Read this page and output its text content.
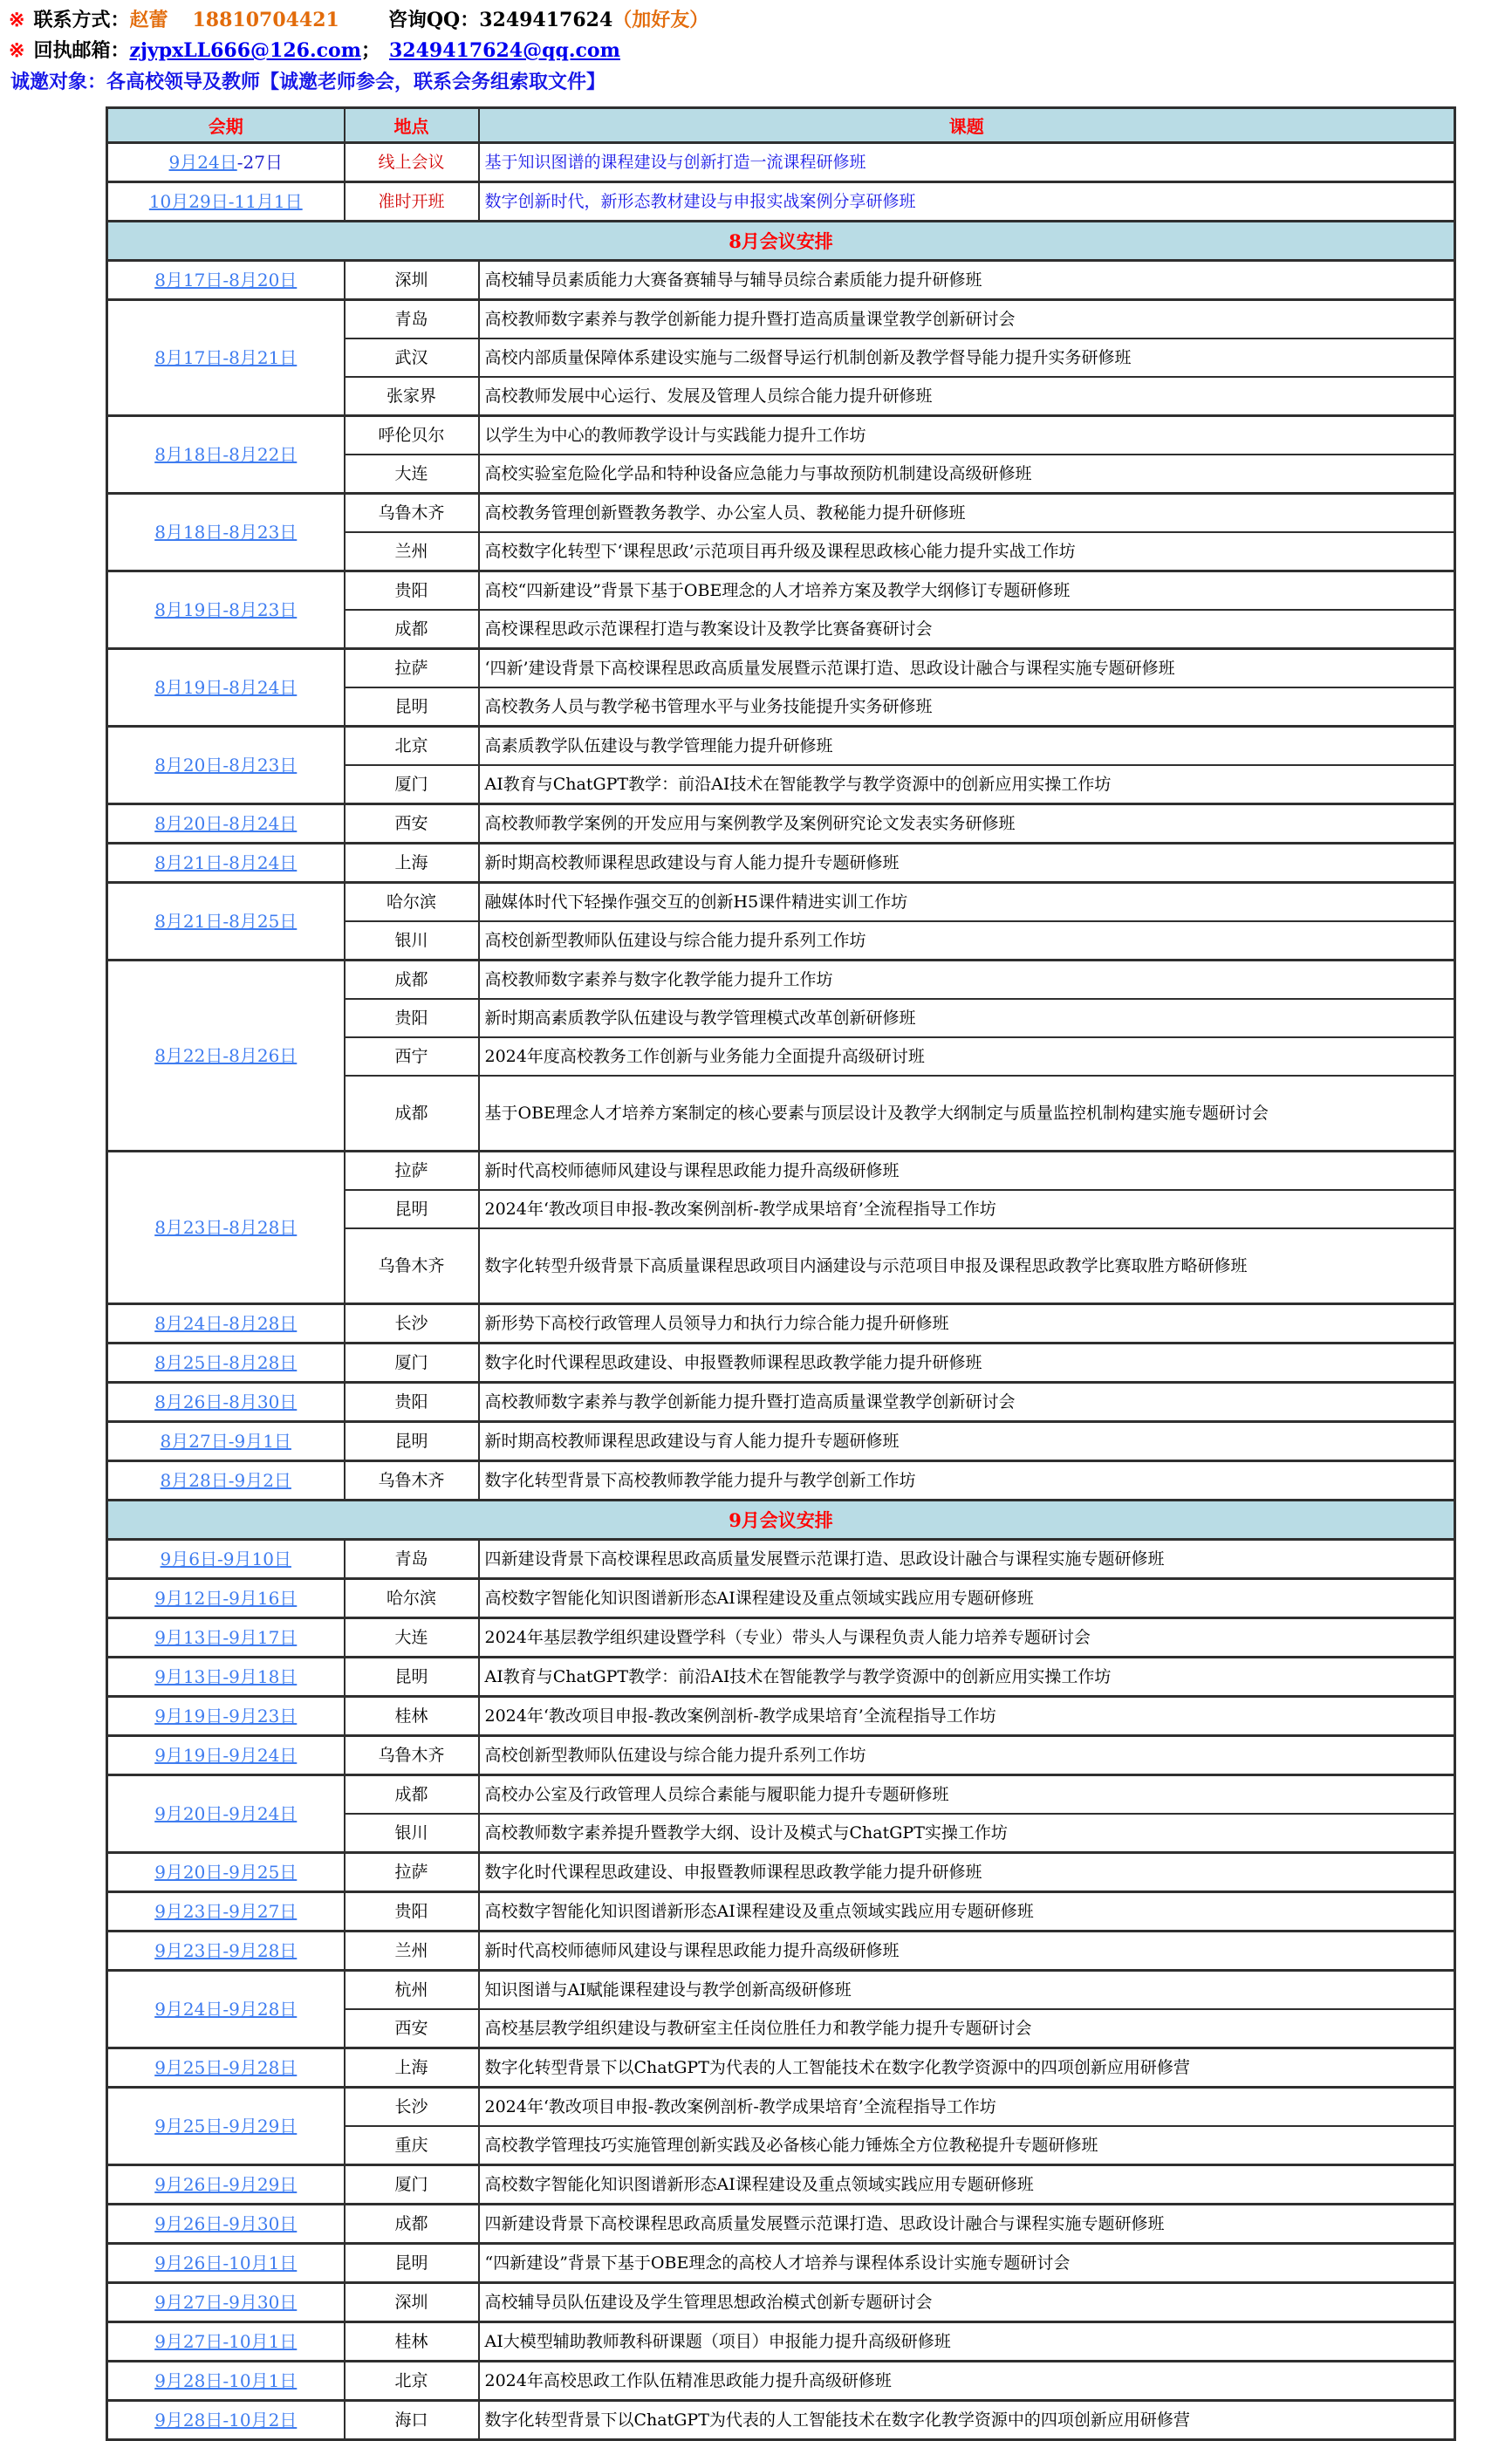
※ 联系方式：赵蕾 18810704421	咨询QQ：3249417624（加好友）
※ 回执邮箱：zjypxLL666@126.com； 3249417624@qq.com
诚邀对象：各高校领导及教师【诚邀老师参会，联系会务组索取文件】
会期	地点	课题
9月24日-27日	线上会议	基于知识图谱的课程建设与创新打造一流课程研修班
10月29日-11月1日	准时开班	数字创新时代，新形态教材建设与申报实战案例分享研修班
8月会议安排		
8月17日-8月20日	深圳	高校辅导员素质能力大赛备赛辅导与辅导员综合素质能力提升研修班
8月17日-8月21日	青岛	高校教师数字素养与教学创新能力提升暨打造高质量课堂教学创新研讨会
	武汉	高校内部质量保障体系建设实施与二级督导运行机制创新及教学督导能力提升实务研修班
	张家界	高校教师发展中心运行、发展及管理人员综合能力提升研修班
8月18日-8月22日	呼伦贝尔	以学生为中心的教师教学设计与实践能力提升工作坊
	大连	高校实验室危险化学品和特种设备应急能力与事故预防机制建设高级研修班
8月18日-8月23日	乌鲁木齐	高校教务管理创新暨教务教学、办公室人员、教秘能力提升研修班
	兰州	高校数字化转型下‘课程思政’示范项目再升级及课程思政核心能力提升实战工作坊
8月19日-8月23日	贵阳	高校“四新建设”背景下基于OBE理念的人才培养方案及教学大纲修订专题研修班
	成都	高校课程思政示范课程打造与教案设计及教学比赛备赛研讨会
8月19日-8月24日	拉萨	‘四新’建设背景下高校课程思政高质量发展暨示范课打造、思政设计融合与课程实施专题研修班
	昆明	高校教务人员与教学秘书管理水平与业务技能提升实务研修班
8月20日-8月23日	北京	高素质教学队伍建设与教学管理能力提升研修班
	厦门	AI教育与ChatGPT教学：前沿AI技术在智能教学与教学资源中的创新应用实操工作坊
8月20日-8月24日	西安	高校教师教学案例的开发应用与案例教学及案例研究论文发表实务研修班
8月21日-8月24日	上海	新时期高校教师课程思政建设与育人能力提升专题研修班
8月21日-8月25日	哈尔滨	融媒体时代下轻操作强交互的创新H5课件精进实训工作坊
	银川	高校创新型教师队伍建设与综合能力提升系列工作坊
8月22日-8月26日	成都	高校教师数字素养与数字化教学能力提升工作坊
	贵阳	新时期高素质教学队伍建设与教学管理模式改革创新研修班
	西宁	2024年度高校教务工作创新与业务能力全面提升高级研讨班
	成都	基于OBE理念人才培养方案制定的核心要素与顶层设计及教学大纲制定与质量监控机制构建实施专题研讨会
8月23日-8月28日	拉萨	新时代高校师德师风建设与课程思政能力提升高级研修班
	昆明	2024年‘教改项目申报-教改案例剖析-教学成果培育’全流程指导工作坊
	乌鲁木齐	数字化转型升级背景下高质量课程思政项目内涵建设与示范项目申报及课程思政教学比赛取胜方略研修班
8月24日-8月28日	长沙	新形势下高校行政管理人员领导力和执行力综合能力提升研修班
8月25日-8月28日	厦门	数字化时代课程思政建设、申报暨教师课程思政教学能力提升研修班
8月26日-8月30日	贵阳	高校教师数字素养与教学创新能力提升暨打造高质量课堂教学创新研讨会
8月27日-9月1日	昆明	新时期高校教师课程思政建设与育人能力提升专题研修班
8月28日-9月2日	乌鲁木齐	数字化转型背景下高校教师教学能力提升与教学创新工作坊
9月会议安排		
9月6日-9月10日	青岛	四新建设背景下高校课程思政高质量发展暨示范课打造、思政设计融合与课程实施专题研修班
9月12日-9月16日	哈尔滨	高校数字智能化知识图谱新形态AI课程建设及重点领域实践应用专题研修班
9月13日-9月17日	大连	2024年基层教学组织建设暨学科（专业）带头人与课程负责人能力培养专题研讨会
9月13日-9月18日	昆明	AI教育与ChatGPT教学：前沿AI技术在智能教学与教学资源中的创新应用实操工作坊
9月19日-9月23日	桂林	2024年‘教改项目申报-教改案例剖析-教学成果培育’全流程指导工作坊
9月19日-9月24日	乌鲁木齐	高校创新型教师队伍建设与综合能力提升系列工作坊
9月20日-9月24日	成都	高校办公室及行政管理人员综合素能与履职能力提升专题研修班
	银川	高校教师数字素养提升暨教学大纲、设计及模式与ChatGPT实操工作坊
9月20日-9月25日	拉萨	数字化时代课程思政建设、申报暨教师课程思政教学能力提升研修班
9月23日-9月27日	贵阳	高校数字智能化知识图谱新形态AI课程建设及重点领域实践应用专题研修班
9月23日-9月28日	兰州	新时代高校师德师风建设与课程思政能力提升高级研修班
9月24日-9月28日	杭州	知识图谱与AI赋能课程建设与教学创新高级研修班
	西安	高校基层教学组织建设与教研室主任岗位胜任力和教学能力提升专题研讨会
9月25日-9月28日	上海	数字化转型背景下以ChatGPT为代表的人工智能技术在数字化教学资源中的四项创新应用研修营
9月25日-9月29日	长沙	2024年‘教改项目申报-教改案例剖析-教学成果培育’全流程指导工作坊
	重庆	高校教学管理技巧实施管理创新实践及必备核心能力锤炼全方位教秘提升专题研修班
9月26日-9月29日	厦门	高校数字智能化知识图谱新形态AI课程建设及重点领域实践应用专题研修班
9月26日-9月30日	成都	四新建设背景下高校课程思政高质量发展暨示范课打造、思政设计融合与课程实施专题研修班
9月26日-10月1日	昆明	“四新建设”背景下基于OBE理念的高校人才培养与课程体系设计实施专题研讨会
9月27日-9月30日	深圳	高校辅导员队伍建设及学生管理思想政治模式创新专题研讨会
9月27日-10月1日	桂林	AI大模型辅助教师教科研课题（项目）申报能力提升高级研修班
9月28日-10月1日	北京	2024年高校思政工作队伍精准思政能力提升高级研修班
9月28日-10月2日	海口	数字化转型背景下以ChatGPT为代表的人工智能技术在数字化教学资源中的四项创新应用研修营
